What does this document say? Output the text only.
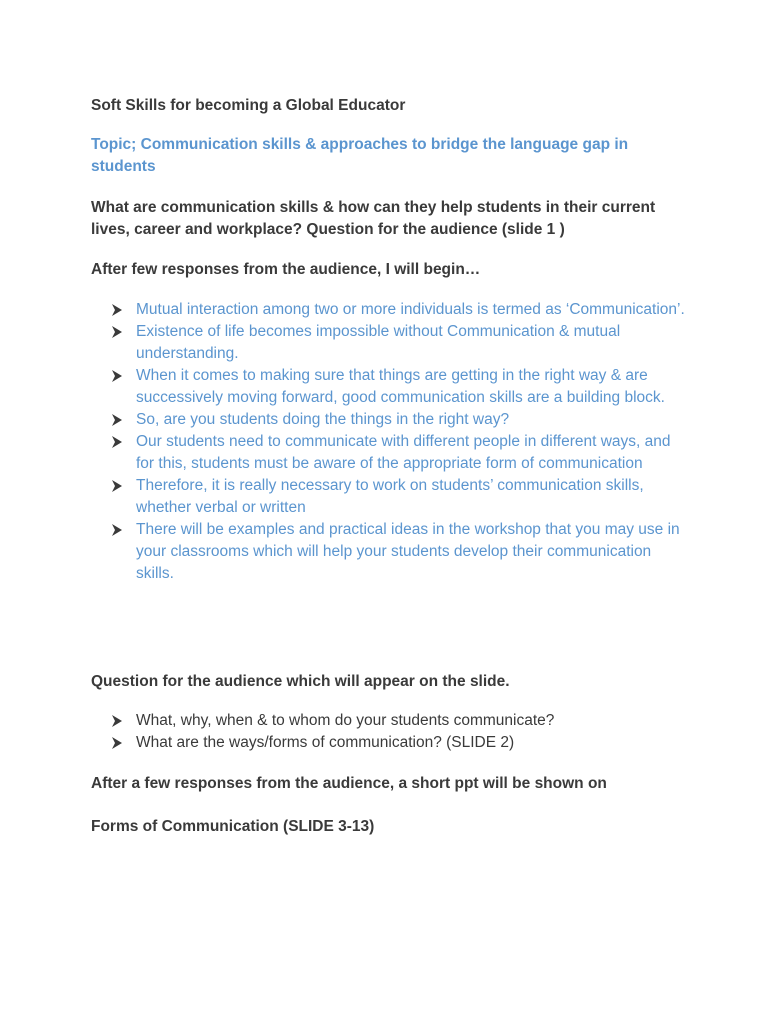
Soft Skills for becoming a Global Educator
Topic; Communication skills & approaches to bridge the language gap in students
What are communication skills & how can they help students in their current lives, career and workplace? Question for the audience (slide 1 )
After few responses from the audience, I will begin…
Mutual interaction among two or more individuals is termed as ‘Communication’.
Existence of life becomes impossible without Communication & mutual understanding.
When it comes to making sure that things are getting in the right way & are successively moving forward, good communication skills are a building block.
So, are you students doing the things in the right way?
Our students need to communicate with different people in different ways, and for this, students must be aware of the appropriate form of communication
Therefore, it is really necessary to work on students’ communication skills, whether verbal or written
There will be examples and practical ideas in the workshop that you may use in your classrooms which will help your students develop their communication skills.
Question for the audience which will appear on the slide.
What, why, when & to whom do your students communicate?
What are the ways/forms of communication? (SLIDE 2)
After a few responses from the audience, a short ppt will be shown on
Forms of Communication (SLIDE 3-13)
